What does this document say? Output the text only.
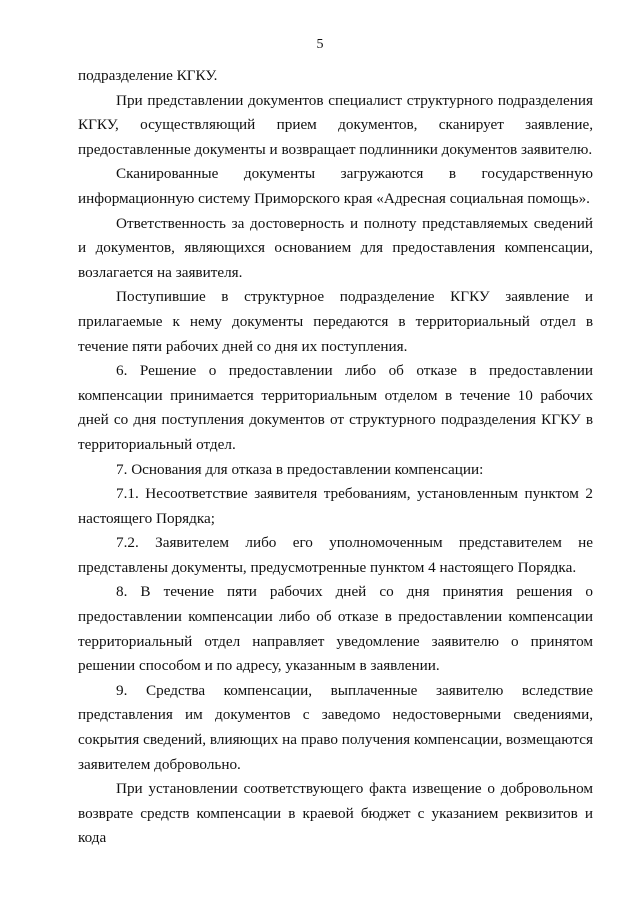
5

подразделение КГКУ.

При представлении документов специалист структурного подразделения КГКУ, осуществляющий прием документов, сканирует заявление, предоставленные документы и возвращает подлинники документов заявителю.

Сканированные документы загружаются в государственную информационную систему Приморского края «Адресная социальная помощь».

Ответственность за достоверность и полноту представляемых сведений и документов, являющихся основанием для предоставления компенсации, возлагается на заявителя.

Поступившие в структурное подразделение КГКУ заявление и прилагаемые к нему документы передаются в территориальный отдел в течение пяти рабочих дней со дня их поступления.

6. Решение о предоставлении либо об отказе в предоставлении компенсации принимается территориальным отделом в течение 10 рабочих дней со дня поступления документов от структурного подразделения КГКУ в территориальный отдел.

7. Основания для отказа в предоставлении компенсации:

7.1. Несоответствие заявителя требованиям, установленным пунктом 2 настоящего Порядка;

7.2. Заявителем либо его уполномоченным представителем не представлены документы, предусмотренные пунктом 4 настоящего Порядка.

8. В течение пяти рабочих дней со дня принятия решения о предоставлении компенсации либо об отказе в предоставлении компенсации территориальный отдел направляет уведомление заявителю о принятом решении способом и по адресу, указанным в заявлении.

9. Средства компенсации, выплаченные заявителю вследствие представления им документов с заведомо недостоверными сведениями, сокрытия сведений, влияющих на право получения компенсации, возмещаются заявителем добровольно.

При установлении соответствующего факта извещение о добровольном возврате средств компенсации в краевой бюджет с указанием реквизитов и кода
